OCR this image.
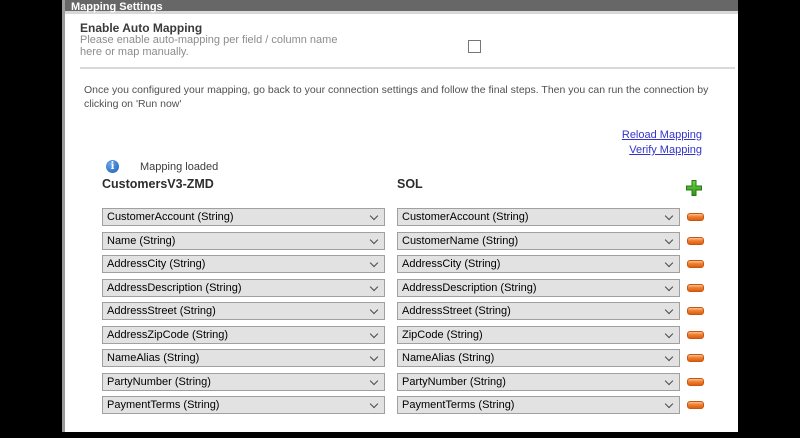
Mapping Settings
Enable Auto Mapping
Please enable auto-mapping per field / column name
here or map manually.
Once you configured your mapping, go back to your connection settings and follow the final steps. Then you can run the connection by clicking on 'Run now'
Reload Mapping
Verify Mapping
i	Mapping loaded
CustomersV3-ZMD	SOL
CustomerAccount (String)	CustomerAccount (String)
Name (String)	CustomerName (String)
AddressCity (String)	AddressCity (String)
AddressDescription (String)	AddressDescription (String)
AddressStreet (String)	AddressStreet (String)
AddressZipCode (String)	ZipCode (String)
NameAlias (String)	NameAlias (String)
PartyNumber (String)	PartyNumber (String)
PaymentTerms (String)	PaymentTerms (String)
